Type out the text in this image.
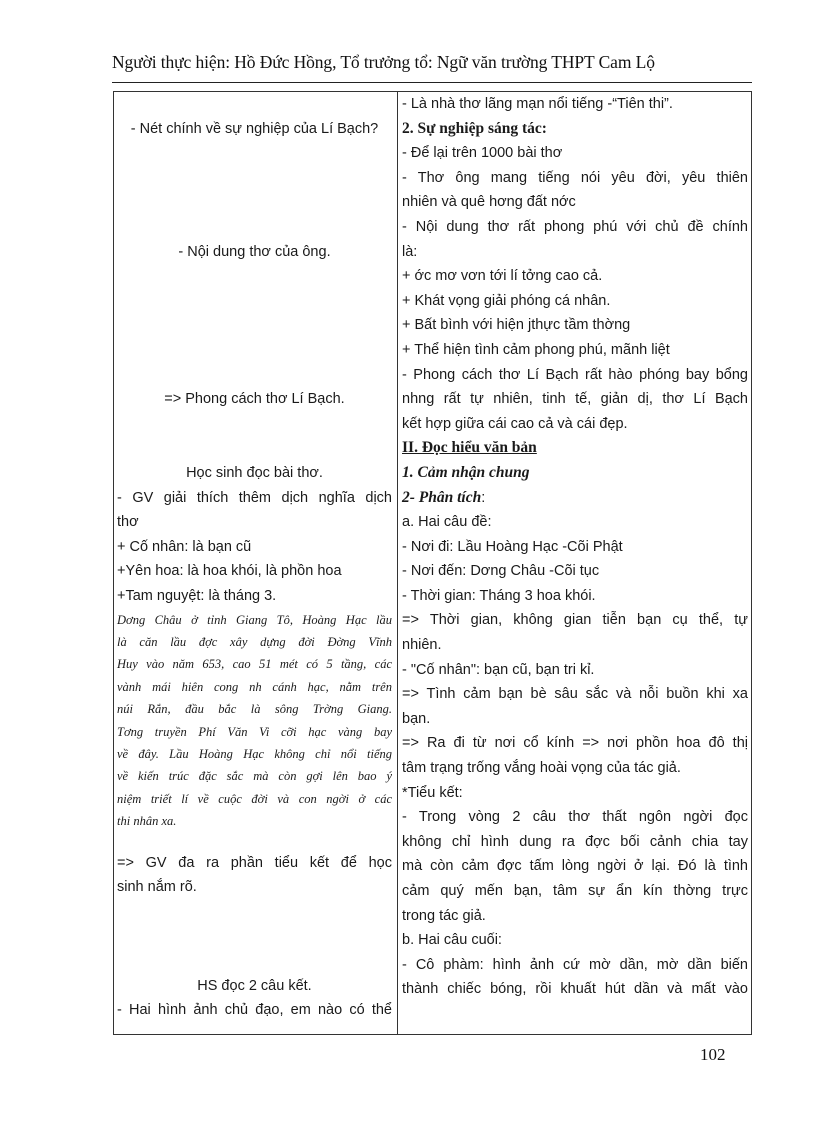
Người thực hiện: Hồ Đức Hồng, Tổ trưởng tổ: Ngữ văn trường THPT Cam Lộ

- Nét chính về sự nghiệp của Lí Bạch?

- Nội dung thơ của ông.

=> Phong cách thơ Lí Bạch.

Học sinh đọc bài thơ.

- GV giải thích thêm dịch nghĩa dịch

thơ

+ Cố nhân: là bạn cũ

+Yên hoa: là hoa khói, là phồn hoa

+Tam nguyệt: là tháng 3.

Dơng Châu ở tỉnh Giang Tô, Hoàng Hạc lầu

là căn lầu đợc xây dựng đời Đờng Vĩnh

Huy vào năm 653, cao 51 mét có 5 tầng, các

vành mái hiên cong nh cánh hạc, nằm trên

núi Rắn, đầu bắc là sông Trờng Giang.

Tơng truyền Phí Văn Vi cỡi hạc vàng bay

về đây. Lầu Hoàng Hạc không chỉ nổi tiếng

về kiến trúc đặc sắc mà còn gợi lên bao ý

niệm triết lí về cuộc đời và con ngời ở các

thi nhân xa.

=> GV đa ra phần tiểu kết để học

sinh nắm rõ.

HS đọc 2 câu kết.

- Hai hình ảnh chủ đạo, em nào có thể

- Là nhà thơ lãng mạn nổi tiếng -“Tiên thi”.

2. Sự nghiệp sáng tác:

- Để lại trên 1000 bài thơ

- Thơ ông mang tiếng nói yêu đời, yêu thiên

nhiên và quê hơng đất nớc

- Nội dung thơ rất phong phú với chủ đề chính

là:

+ ớc mơ vơn tới lí tởng cao cả.

+ Khát vọng giải phóng cá nhân.

+ Bất bình với hiện jthực tầm thờng

+ Thể hiện tình cảm phong phú, mãnh liệt

- Phong cách thơ Lí Bạch rất hào phóng bay bổng

nhng rất tự nhiên, tinh tế, giản dị, thơ Lí Bạch

kết hợp giữa cái cao cả và cái đẹp.

II. Đọc hiểu văn bản

1. Cảm nhận chung

2- Phân tích:

a. Hai câu đề:

- Nơi đi: Lầu Hoàng Hạc -Cõi Phật

- Nơi đến: Dơng Châu -Cõi tục

- Thời gian: Tháng 3 hoa khói.

=> Thời gian, không gian tiễn bạn cụ thể, tự

nhiên.

- "Cố nhân": bạn cũ, bạn tri kỉ.

=> Tình cảm bạn bè sâu sắc và nỗi buồn khi xa

bạn.

=> Ra đi từ nơi cổ kính => nơi phồn hoa đô thị

tâm trạng trống vắng hoài vọng của tác giả.

*Tiểu kết:

- Trong vòng 2 câu thơ thất ngôn ngời đọc

không chỉ hình dung ra đợc bối cảnh chia tay

mà còn cảm đợc tấm lòng ngời ở lại. Đó là tình

cảm quý mến bạn, tâm sự ẩn kín thờng trực

trong tác giả.

b. Hai câu cuối:

- Cô phàm: hình ảnh cứ mờ dần, mờ dần biến

thành chiếc bóng, rồi khuất hút dần và mất vào

102
